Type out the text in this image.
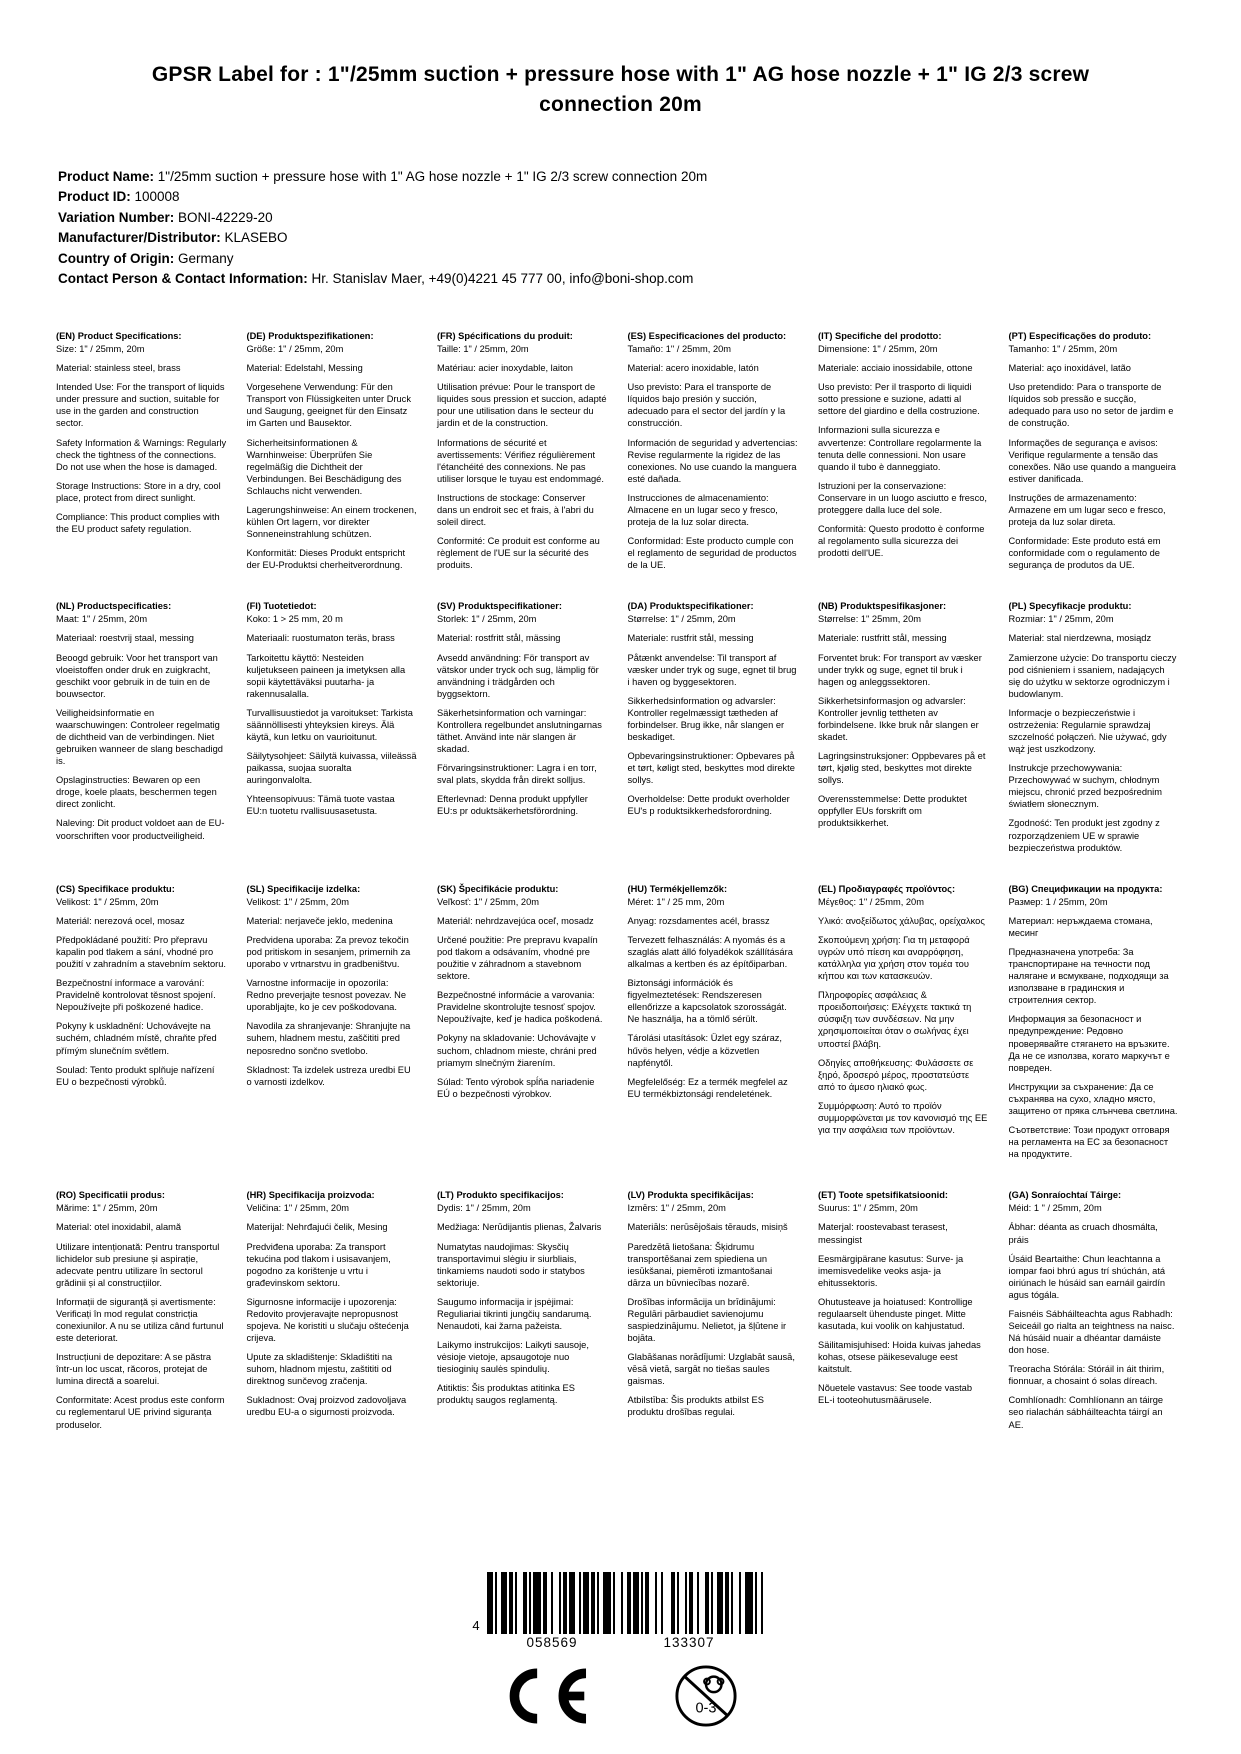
GPSR Label for : 1"/25mm suction + pressure hose with 1" AG hose nozzle + 1" IG 2/3 screw connection 20m
Product Name: 1"/25mm suction + pressure hose with 1" AG hose nozzle + 1" IG 2/3 screw connection 20m
Product ID: 100008
Variation Number: BONI-42229-20
Manufacturer/Distributor: KLASEBO
Country of Origin: Germany
Contact Person & Contact Information: Hr. Stanislav Maer, +49(0)4221 45 777 00, info@boni-shop.com
(EN) Product Specifications:

Size: 1" / 25mm, 20m

Material: stainless steel, brass

Intended Use: For the transport of liquids under pressure and suction, suitable for use in the garden and construction sector.

Safety Information & Warnings: Regularly check the tightness of the connections. Do not use when the hose is damaged.

Storage Instructions: Store in a dry, cool place, protect from direct sunlight.

Compliance: This product complies with the EU product safety regulation.

(DE) Produktspezifikationen:

Größe: 1" / 25mm, 20m

Material: Edelstahl, Messing

Vorgesehene Verwendung: Für den Transport von Flüssigkeiten unter Druck und Saugung, geeignet für den Einsatz im Garten und Bausektor.

Sicherheitsinformationen & Warnhinweise: Überprüfen Sie regelmäßig die Dichtheit der Verbindungen. Bei Beschädigung des Schlauchs nicht verwenden.

Lagerungshinweise: An einem trockenen, kühlen Ort lagern, vor direkter Sonneneinstrahlung schützen.

Konformität: Dieses Produkt entspricht der EU-Produktsi cherheitverordnung.

(FR) Spécifications du produit:

Taille: 1" / 25mm, 20m

Matériau: acier inoxydable, laiton

Utilisation prévue: Pour le transport de liquides sous pression et succion, adapté pour une utilisation dans le secteur du jardin et de la construction.

Informations de sécurité et avertissements: Vérifiez régulièrement l'étanchéité des connexions. Ne pas utiliser lorsque le tuyau est endommagé.

Instructions de stockage: Conserver dans un endroit sec et frais, à l'abri du soleil direct.

Conformité: Ce produit est conforme au règlement de l'UE sur la sécurité des produits.

(ES) Especificaciones del producto:

Tamaño: 1" / 25mm, 20m

Material: acero inoxidable, latón

Uso previsto: Para el transporte de líquidos bajo presión y succión, adecuado para el sector del jardín y la construcción.

Información de seguridad y advertencias: Revise regularmente la rigidez de las conexiones. No use cuando la manguera esté dañada.

Instrucciones de almacenamiento: Almacene en un lugar seco y fresco, proteja de la luz solar directa.

Conformidad: Este producto cumple con el reglamento de seguridad de productos de la UE.

(IT) Specifiche del prodotto:

Dimensione: 1" / 25mm, 20m

Materiale: acciaio inossidabile, ottone

Uso previsto: Per il trasporto di liquidi sotto pressione e suzione, adatti al settore del giardino e della costruzione.

Informazioni sulla sicurezza e avvertenze: Controllare regolarmente la tenuta delle connessioni. Non usare quando il tubo è danneggiato.

Istruzioni per la conservazione: Conservare in un luogo asciutto e fresco, proteggere dalla luce del sole.

Conformità: Questo prodotto è conforme al regolamento sulla sicurezza dei prodotti dell'UE.

(PT) Especificações do produto:

Tamanho: 1" / 25mm, 20m

Material: aço inoxidável, latão

Uso pretendido: Para o transporte de líquidos sob pressão e sucção, adequado para uso no setor de jardim e de construção.

Informações de segurança e avisos: Verifique regularmente a tensão das conexões. Não use quando a mangueira estiver danificada.

Instruções de armazenamento: Armazene em um lugar seco e fresco, proteja da luz solar direta.

Conformidade: Este produto está em conformidade com o regulamento de segurança de produtos da UE.

(NL) Productspecificaties:

Maat: 1" / 25mm, 20m

Materiaal: roestvrij staal, messing

Beoogd gebruik: Voor het transport van vloeistoffen onder druk en zuigkracht, geschikt voor gebruik in de tuin en de bouwsector.

Veiligheidsinformatie en waarschuwingen: Controleer regelmatig de dichtheid van de verbindingen. Niet gebruiken wanneer de slang beschadigd is.

Opslaginstructies: Bewaren op een droge, koele plaats, beschermen tegen direct zonlicht.

Naleving: Dit product voldoet aan de EU-voorschriften voor productveiligheid.

(FI) Tuotetiedot:

Koko: 1 > 25 mm, 20 m

Materiaali: ruostumaton teräs, brass

Tarkoitettu käyttö: Nesteiden kuljetukseen paineen ja imetyksen alla sopii käytettäväksi puutarha- ja rakennusalalla.

Turvallisuustiedot ja varoitukset: Tarkista säännöllisesti yhteyksien kireys. Älä käytä, kun letku on vaurioitunut.

Säilytysohjeet: Säilytä kuivassa, viileässä paikassa, suojaa suoralta auringonvalolta.

Yhteensopivuus: Tämä tuote vastaa EU:n tuotetu rvallisuusasetusta.

(SV) Produktspecifikationer:

Storlek: 1" / 25mm, 20m

Material: rostfritt stål, mässing

Avsedd användning: För transport av vätskor under tryck och sug, lämplig för användning i trädgården och byggsektorn.

Säkerhetsinformation och varningar: Kontrollera regelbundet anslutningarnas täthet. Använd inte när slangen är skadad.

Förvaringsinstruktioner: Lagra i en torr, sval plats, skydda från direkt solljus.

Efterlevnad: Denna produkt uppfyller EU:s pr oduktsäkerhetsförordning.

(DA) Produktspecifikationer:

Størrelse: 1" / 25mm, 20m

Materiale: rustfrit stål, messing

Påtænkt anvendelse: Til transport af væsker under tryk og suge, egnet til brug i haven og byggesektoren.

Sikkerhedsinformation og advarsler: Kontroller regelmæssigt tætheden af forbindelser. Brug ikke, når slangen er beskadiget.

Opbevaringsinstruktioner: Opbevares på et tørt, køligt sted, beskyttes mod direkte sollys.

Overholdelse: Dette produkt overholder EU's p roduktsikkerhedsforordning.

(NB) Produktspesifikasjoner:

Størrelse: 1" 25mm, 20m

Materiale: rustfritt stål, messing

Forventet bruk: For transport av væsker under trykk og suge, egnet til bruk i hagen og anleggssektoren.

Sikkerhetsinformasjon og advarsler: Kontroller jevnlig tettheten av forbindelsene. Ikke bruk når slangen er skadet.

Lagringsinstruksjoner: Oppbevares på et tørt, kjølig sted, beskyttes mot direkte sollys.

Overensstemmelse: Dette produktet oppfyller EUs forskrift om produktsikkerhet.

(PL) Specyfikacje produktu:

Rozmiar: 1" / 25mm, 20m

Materiał: stal nierdzewna, mosiądz

Zamierzone użycie: Do transportu cieczy pod ciśnieniem i ssaniem, nadających się do użytku w sektorze ogrodniczym i budowlanym.

Informacje o bezpieczeństwie i ostrzeżenia: Regularnie sprawdzaj szczelność połączeń. Nie używać, gdy wąż jest uszkodzony.

Instrukcje przechowywania: Przechowywać w suchym, chłodnym miejscu, chronić przed bezpośrednim światłem słonecznym.

Zgodność: Ten produkt jest zgodny z rozporządzeniem UE w sprawie bezpieczeństwa produktów.

(CS) Specifikace produktu:

Velikost: 1" / 25mm, 20m

Materiál: nerezová ocel, mosaz

Předpokládané použití: Pro přepravu kapalin pod tlakem a sání, vhodné pro použití v zahradním a stavebním sektoru.

Bezpečnostní informace a varování: Pravidelně kontrolovat těsnost spojení. Nepoužívejte při poškozené hadice.

Pokyny k uskladnění: Uchovávejte na suchém, chladném místě, chraňte před přímým slunečním světlem.

Soulad: Tento produkt splňuje nařízení EU o bezpečnosti výrobků.

(SL) Specifikacije izdelka:

Velikost: 1" / 25mm, 20m

Material: nerjaveče jeklo, medenina

Predvidena uporaba: Za prevoz tekočin pod pritiskom in sesanjem, primernih za uporabo v vrtnarstvu in gradbeništvu.

Varnostne informacije in opozorila: Redno preverjajte tesnost povezav. Ne uporabljajte, ko je cev poškodovana.

Navodila za shranjevanje: Shranjujte na suhem, hladnem mestu, zaščititi pred neposredno sončno svetlobo.

Skladnost: Ta izdelek ustreza uredbi EU o varnosti izdelkov.

(SK) Špecifikácie produktu:

Veľkosť: 1" / 25mm, 20m

Materiál: nehrdzavejúca oceľ, mosadz

Určené použitie: Pre prepravu kvapalín pod tlakom a odsávaním, vhodné pre použitie v záhradnom a stavebnom sektore.

Bezpečnostné informácie a varovania: Pravidelne skontrolujte tesnosť spojov. Nepoužívajte, keď je hadica poškodená.

Pokyny na skladovanie: Uchovávajte v suchom, chladnom mieste, chráni pred priamym slnečným žiarením.

Súlad: Tento výrobok spĺňa nariadenie EÚ o bezpečnosti výrobkov.

(HU) Termékjellemzők:

Méret: 1" / 25 mm, 20m

Anyag: rozsdamentes acél, brassz

Tervezett felhasználás: A nyomás és a szaglás alatt álló folyadékok szállítására alkalmas a kertben és az építőiparban.

Biztonsági információk és figyelmeztetések: Rendszeresen ellenőrizze a kapcsolatok szorosságát. Ne használja, ha a tömlő sérült.

Tárolási utasítások: Üzlet egy száraz, hűvös helyen, védje a közvetlen napfénytől.

Megfelelőség: Ez a termék megfelel az EU termékbiztonsági rendeletének.

(EL) Προδιαγραφές προϊόντος:

Μέγεθος: 1" / 25mm, 20m

Υλικό: ανοξείδωτος χάλυβας, ορείχαλκος

Σκοπούμενη χρήση: Για τη μεταφορά υγρών υπό πίεση και αναρρόφηση, κατάλληλα για χρήση στον τομέα του κήπου και των κατασκευών.

Πληροφορίες ασφάλειας & προειδοποιήσεις: Ελέγχετε τακτικά τη σύσφιξη των συνδέσεων. Να μην χρησιμοποιείται όταν ο σωλήνας έχει υποστεί βλάβη.

Οδηγίες αποθήκευσης: Φυλάσσετε σε ξηρό, δροσερό μέρος, προστατεύστε από το άμεσο ηλιακό φως.

Συμμόρφωση: Αυτό το προϊόν συμμορφώνεται με τον κανονισμό της ΕΕ για την ασφάλεια των προϊόντων.

(BG) Спецификации на продукта:

Размер: 1 / 25mm, 20m

Материал: неръждаема стомана, месинг

Предназначена употреба: За транспортиране на течности под налягане и всмукване, подходящи за използване в градинския и строителния сектор.

Информация за безопасност и предупреждение: Редовно проверявайте стягането на връзките. Да не се използва, когато маркучът е повреден.

Инструкции за съхранение: Да се съхранява на сухо, хладно място, защитено от пряка слънчева светлина.

Съответствие: Този продукт отговаря на регламента на ЕС за безопасност на продуктите.

(RO) Specificatii produs:

Mărime: 1" / 25mm, 20m

Material: otel inoxidabil, alamă

Utilizare intenționată: Pentru transportul lichidelor sub presiune și aspirație, adecvate pentru utilizare în sectorul grădinii și al construcțiilor.

Informații de siguranță și avertismente: Verificați în mod regulat constricția conexiunilor. A nu se utiliza când furtunul este deteriorat.

Instrucțiuni de depozitare: A se păstra într-un loc uscat, răcoros, protejat de lumina directă a soarelui.

Conformitate: Acest produs este conform cu reglementarul UE privind siguranța produselor.

(HR) Specifikacija proizvoda:

Veličina: 1" / 25mm, 20m

Materijal: Nehrđajući čelik, Mesing

Predviđena uporaba: Za transport tekućina pod tlakom i usisavanjem, pogodno za korištenje u vrtu i građevinskom sektoru.

Sigurnosne informacije i upozorenja: Redovito provjeravajte nepropusnost spojeva. Ne koristiti u slučaju oštećenja crijeva.

Upute za skladištenje: Skladištiti na suhom, hladnom mjestu, zaštititi od direktnog sunčevog zračenja.

Sukladnost: Ovaj proizvod zadovoljava uredbu EU-a o sigurnosti proizvoda.

(LT) Produkto specifikacijos:

Dydis: 1" / 25mm, 20m

Medžiaga: Nerūdijantis plienas, Žalvaris

Numatytas naudojimas: Skysčių transportavimui slėgiu ir siurbliais, tinkamiems naudoti sodo ir statybos sektoriuje.

Saugumo informacija ir įspėjimai: Reguliariai tikrinti jungčių sandarumą. Nenaudoti, kai žarna pažeista.

Laikymo instrukcijos: Laikyti sausoje, vėsioje vietoje, apsaugotoje nuo tiesioginių saulės spindulių.

Atitiktis: Šis produktas atitinka ES produktų saugos reglamentą.

(LV) Produkta specifikācijas:

Izmērs: 1" / 25mm, 20m

Materiāls: nerūsējošais tērauds, misiņš

Paredzētā lietošana: Šķidrumu transportēšanai zem spiediena un iesūkšanai, piemēroti izmantošanai dārza un būvniecības nozarē.

Drošības informācija un brīdinājumi: Regulāri pārbaudiet savienojumu saspiedzinājumu. Nelietot, ja šļūtene ir bojāta.

Glabāšanas norādījumi: Uzglabāt sausā, vēsā vietā, sargāt no tiešas saules gaismas.

Atbilstība: Šis produkts atbilst ES produktu drošības regulai.

(ET) Toote spetsifikatsioonid:

Suurus: 1" / 25mm, 20m

Materjal: roostevabast terasest, messingist

Eesmärgipärane kasutus: Surve- ja imemisvedelike veoks asja- ja ehitussektoris.

Ohutusteave ja hoiatused: Kontrollige regulaarselt ühenduste pinget. Mitte kasutada, kui voolik on kahjustatud.

Säilitamisjuhised: Hoida kuivas jahedas kohas, otsese päikesevaluge eest kaitstult.

Nõuetele vastavus: See toode vastab EL-i tooteohutusmäärusele.

(GA) Sonraíochtaí Táirge:

Méid: 1 " / 25mm, 20m

Ábhar: déanta as cruach dhosmálta, práis

Úsáid Beartaithe: Chun leachtanna a iompar faoi bhrú agus trí shúchán, atá oiriúnach le húsáid san earnáil gairdín agus tógála.

Faisnéis Sábháilteachta agus Rabhadh: Seiceáil go rialta an teightness na naisc. Ná húsáid nuair a dhéantar damáiste don hose.

Treoracha Stórála: Stóráil in áit thirim, fionnuar, a chosaint ó solas díreach.

Comhlíonadh: Comhlíonann an táirge seo rialachán sábháilteachta táirgí an AE.

4
058569	133307
0-3
